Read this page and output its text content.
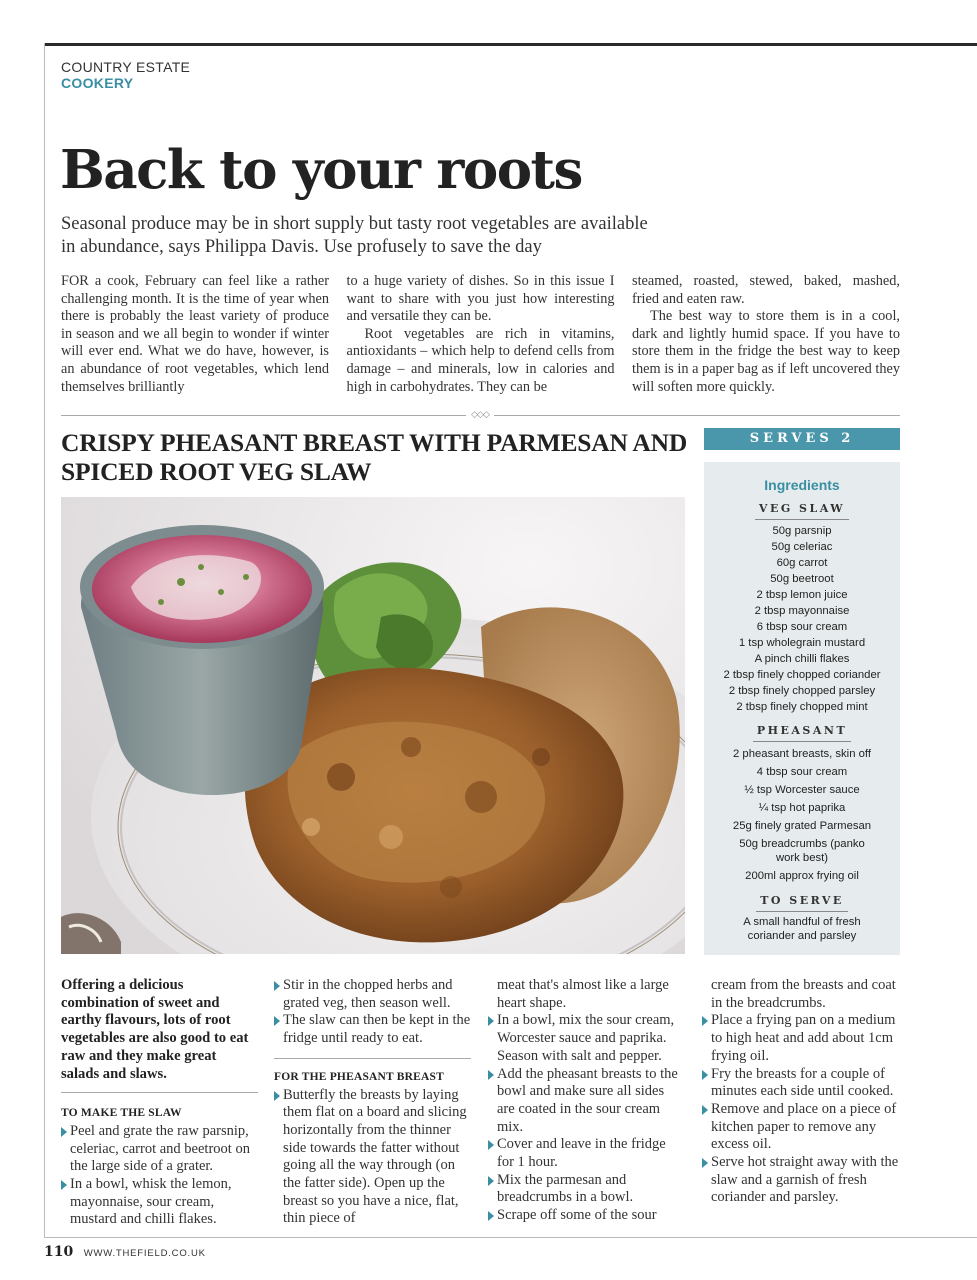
COUNTRY ESTATE
COOKERY
Back to your roots

Seasonal produce may be in short supply but tasty root vegetables are available in abundance, says Philippa Davis. Use profusely to save the day

FOR a cook, February can feel like a rather challenging month. It is the time of year when there is probably the least variety of produce in season and we all begin to wonder if winter will ever end. What we do have, however, is an abundance of root vegetables, which lend themselves brilliantly

to a huge variety of dishes. So in this issue I want to share with you just how interesting and versatile they can be.

Root vegetables are rich in vitamins, antioxidants – which help to defend cells from damage – and minerals, low in calories and high in carbohydrates. They can be

steamed, roasted, stewed, baked, mashed, fried and eaten raw.

The best way to store them is in a cool, dark and lightly humid space. If you have to store them in the fridge the best way to keep them is in a paper bag as if left uncovered they will soften more quickly.

◇◇◇
CRISPY PHEASANT BREAST WITH PARMESAN AND SPICED ROOT VEG SLAW
SERVES 2
Ingredients
VEG SLAW
50g parsnip
50g celeriac
60g carrot
50g beetroot
2 tbsp lemon juice
2 tbsp mayonnaise
6 tbsp sour cream
1 tsp wholegrain mustard
A pinch chilli flakes
2 tbsp finely chopped coriander
2 tbsp finely chopped parsley
2 tbsp finely chopped mint
PHEASANT
2 pheasant breasts, skin off
4 tbsp sour cream
½ tsp Worcester sauce
¼ tsp hot paprika
25g finely grated Parmesan
50g breadcrumbs (panko work best)
200ml approx frying oil
TO SERVE
A small handful of fresh coriander and parsley

Offering a delicious combination of sweet and earthy flavours, lots of root vegetables are also good to eat raw and they make great salads and slaws.

TO MAKE THE SLAW

Peel and grate the raw parsnip, celeriac, carrot and beetroot on the large side of a grater.
In a bowl, whisk the lemon, mayonnaise, sour cream, mustard and chilli flakes.
Stir in the chopped herbs and grated veg, then season well.
The slaw can then be kept in the fridge until ready to eat.

FOR THE PHEASANT BREAST

Butterfly the breasts by laying them flat on a board and slicing horizontally from the thinner side towards the fatter without going all the way through (on the fatter side). Open up the breast so you have a nice, flat, thin piece of
meat that's almost like a large heart shape.
In a bowl, mix the sour cream, Worcester sauce and paprika. Season with salt and pepper.
Add the pheasant breasts to the bowl and make sure all sides are coated in the sour cream mix.
Cover and leave in the fridge for 1 hour.
Mix the parmesan and breadcrumbs in a bowl.
Scrape off some of the sour
cream from the breasts and coat in the breadcrumbs.
Place a frying pan on a medium to high heat and add about 1cm frying oil.
Fry the breasts for a couple of minutes each side until cooked.
Remove and place on a piece of kitchen paper to remove any excess oil.
Serve hot straight away with the slaw and a garnish of fresh coriander and parsley.
110 WWW.THEFIELD.CO.UK
